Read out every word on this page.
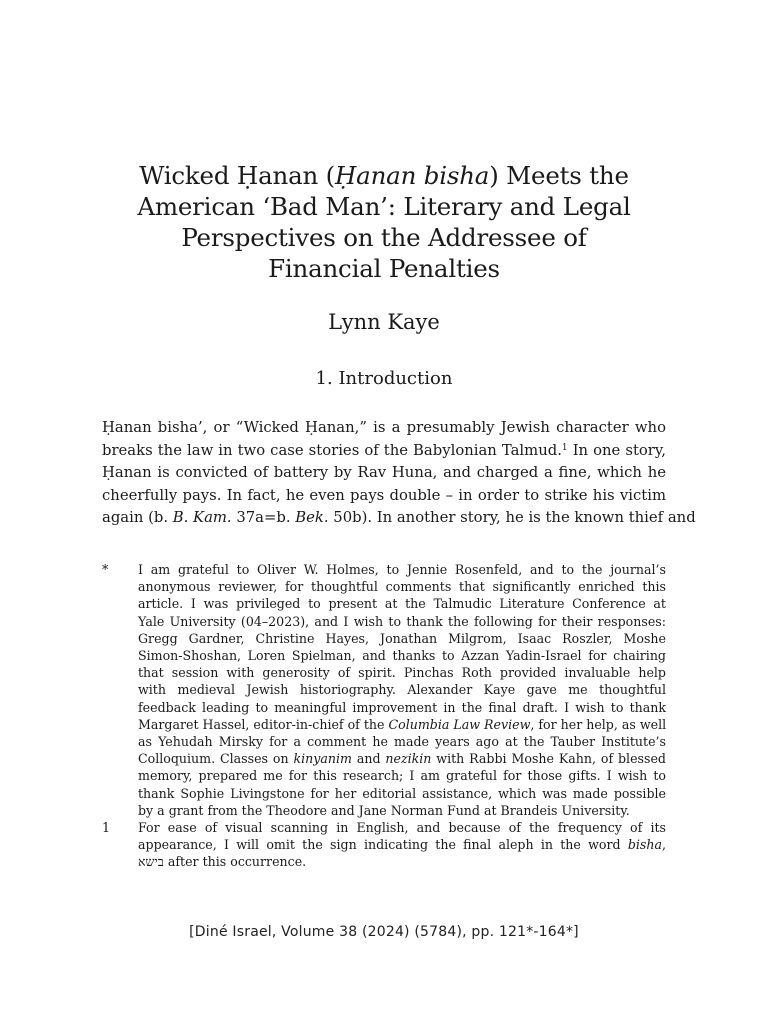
Wicked Ḥanan (Ḥanan bisha) Meets the
American ‘Bad Man’: Literary and Legal
Perspectives on the Addressee of
Financial Penalties
Lynn Kaye
1. Introduction
Ḥanan bisha’, or “Wicked Ḥanan,” is a presumably Jewish character who
breaks the law in two case stories of the Babylonian Talmud.$^1$ In one story,
Ḥanan is convicted of battery by Rav Huna, and charged a fine, which he
cheerfully pays. In fact, he even pays double – in order to strike his victim
again (b. B. Kam. 37a=b. Bek. 50b). In another story, he is the known thief and
* I am grateful to Oliver W. Holmes, to Jennie Rosenfeld, and to the journal’s
anonymous reviewer, for thoughtful comments that significantly enriched this
article. I was privileged to present at the Talmudic Literature Conference at
Yale University (04–2023), and I wish to thank the following for their responses:
Gregg Gardner, Christine Hayes, Jonathan Milgrom, Isaac Roszler, Moshe
Simon-Shoshan, Loren Spielman, and thanks to Azzan Yadin-Israel for chairing
that session with generosity of spirit. Pinchas Roth provided invaluable help
with medieval Jewish historiography. Alexander Kaye gave me thoughtful
feedback leading to meaningful improvement in the final draft. I wish to thank
Margaret Hassel, editor-in-chief of the Columbia Law Review, for her help, as well
as Yehudah Mirsky for a comment he made years ago at the Tauber Institute’s
Colloquium. Classes on kinyanim and nezikin with Rabbi Moshe Kahn, of blessed
memory, prepared me for this research; I am grateful for those gifts. I wish to
thank Sophie Livingstone for her editorial assistance, which was made possible
by a grant from the Theodore and Jane Norman Fund at Brandeis University.
1 For ease of visual scanning in English, and because of the frequency of its
appearance, I will omit the sign indicating the final aleph in the word bisha,
בישא after this occurrence.
[Diné Israel, Volume 38 (2024) (5784), pp. 121*-164*]
